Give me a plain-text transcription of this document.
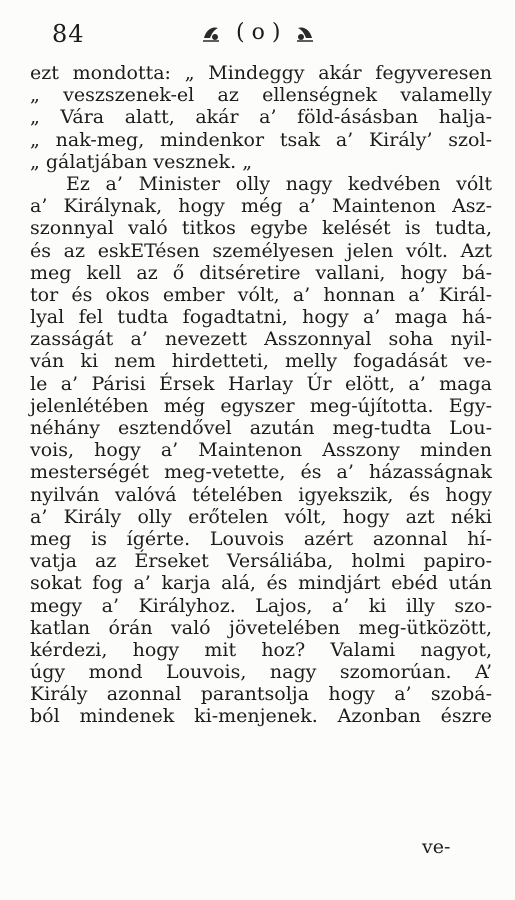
84	( o )
ezt mondotta: „ Mindeggy akár fegyveresen
„ veszszenek-el az ellenségnek valamelly
„ Vára alatt, akár a’ föld-ásásban halja-
„ nak-meg, mindenkor tsak a’ Király’ szol-
„ gálatjában vesznek. „
Ez a’ Minister olly nagy kedvében vólt
a’ Királynak, hogy még a’ Maintenon Asz-
szonnyal való titkos egybe kelését is tudta,
és az eskETésen személyesen jelen vólt. Azt
meg kell az ő ditséretire vallani, hogy bá-
tor és okos ember vólt, a’ honnan a’ Királ-
lyal fel tudta fogadtatni, hogy a’ maga há-
zasságát a’ nevezett Asszonnyal soha nyil-
ván ki nem hirdetteti, melly fogadását ve-
le a’ Párisi Érsek Harlay Úr elött, a’ maga
jelenlétében még egyszer meg-újította. Egy-
néhány esztendővel azután meg-tudta Lou-
vois, hogy a’ Maintenon Asszony minden
mesterségét meg-vetette, és a’ házasságnak
nyilván valóvá tételében igyekszik, és hogy
a’ Király olly erőtelen vólt, hogy azt néki
meg is ígérte. Louvois azért azonnal hí-
vatja az Érseket Versáliába, holmi papiro-
sokat fog a’ karja alá, és mindjárt ebéd után
megy a’ Királyhoz. Lajos, a’ ki illy szo-
katlan órán való jövetelében meg-ütközött,
kérdezi, hogy mit hoz? Valami nagyot,
úgy mond Louvois, nagy szomorúan. A’
Király azonnal parantsolja hogy a’ szobá-
ból mindenek ki-menjenek. Azonban észre
ve-
